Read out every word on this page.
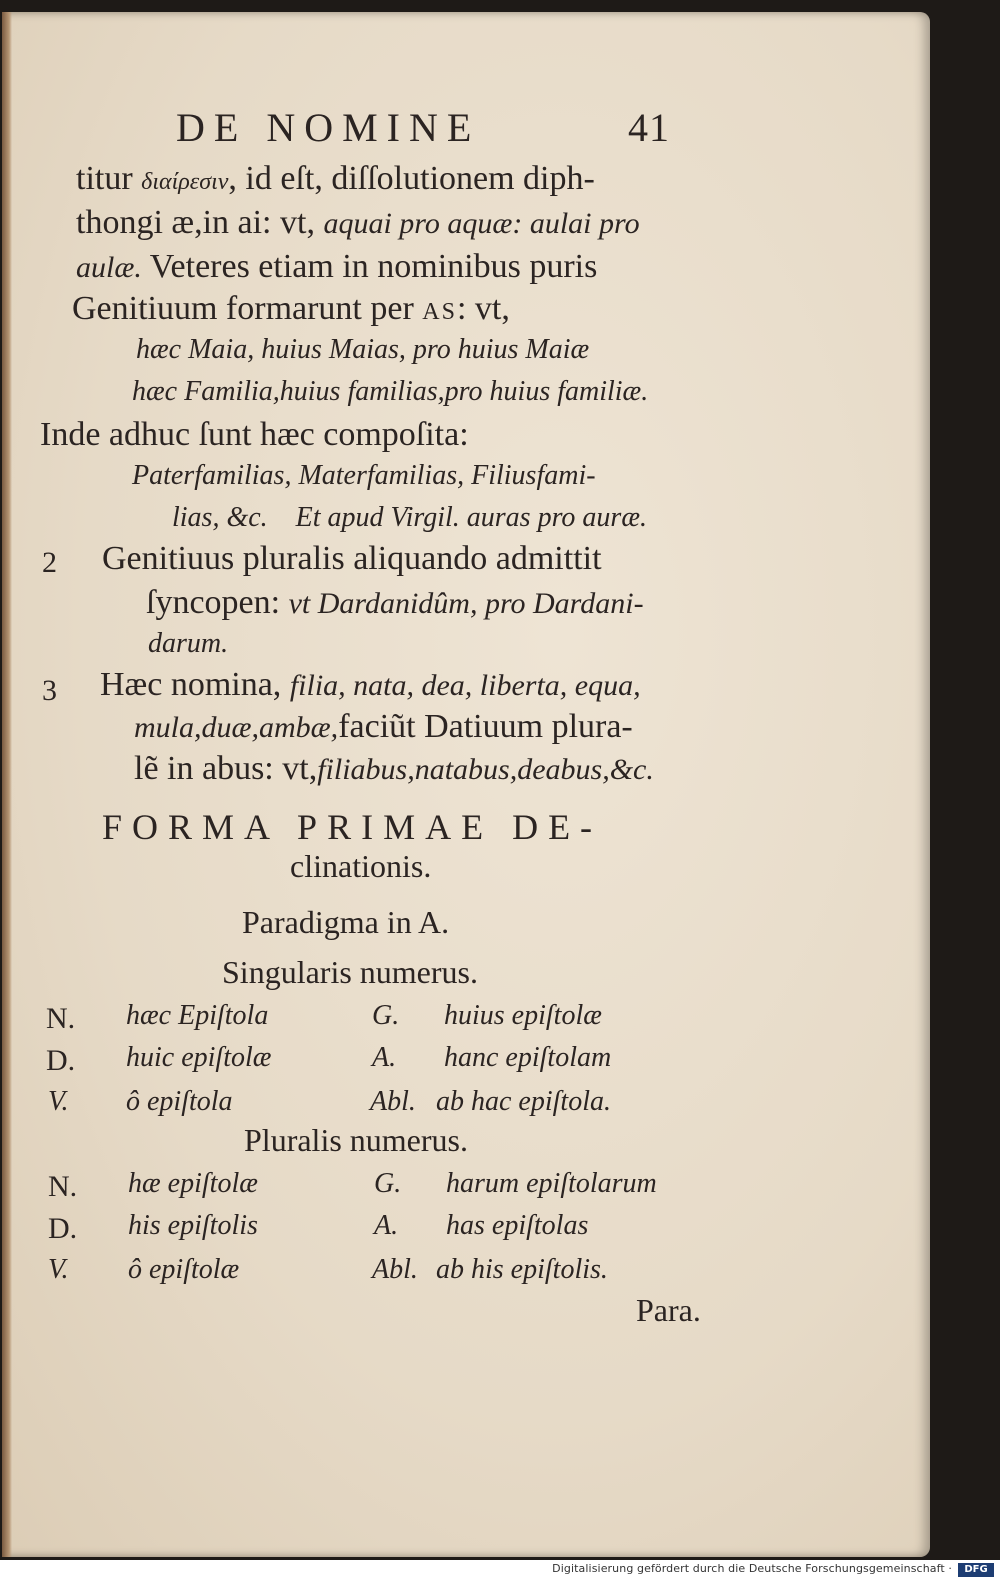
DE NOMINE	41
titur διαίρεσιν, id eſt, diſſolutionem diph-
thongi æ,in ai: vt, aquai pro aquæ: aulai pro
aulæ. Veteres etiam in nominibus puris
Genitiuum formarunt per AS: vt,
hæc Maia, huius Maias, pro huius Maiæ
hæc Familia,huius familias,pro huius familiæ.
Inde adhuc ſunt hæc compoſita:
Paterfamilias, Materfamilias, Filiusfami-
lias, &c. Et apud Virgil. auras pro auræ.
2 Genitiuus pluralis aliquando admittit
ſyncopen: vt Dardanidûm, pro Dardani-
darum.
3 Hæc nomina, filia, nata, dea, liberta, equa,
mula,duæ,ambæ,faciũt Datiuum plura-
lẽ in abus: vt,filiabus,natabus,deabus,&c.
FORMA PRIMAE DE-
clinationis.
Paradigma in A.
Singularis numerus.
N. hæc Epiſtola	G. huius epiſtolæ
D. huic epiſtolæ	A. hanc epiſtolam
V. ô epiſtola	Abl. ab hac epiſtola.
Pluralis numerus.
N. hæ epiſtolæ	G. harum epiſtolarum
D. his epiſtolis	A. has epiſtolas
V. ô epiſtolæ	Abl. ab his epiſtolis.
Para.
Digitalisierung gefördert durch die Deutsche Forschungsgemeinschaft ·	DFG
